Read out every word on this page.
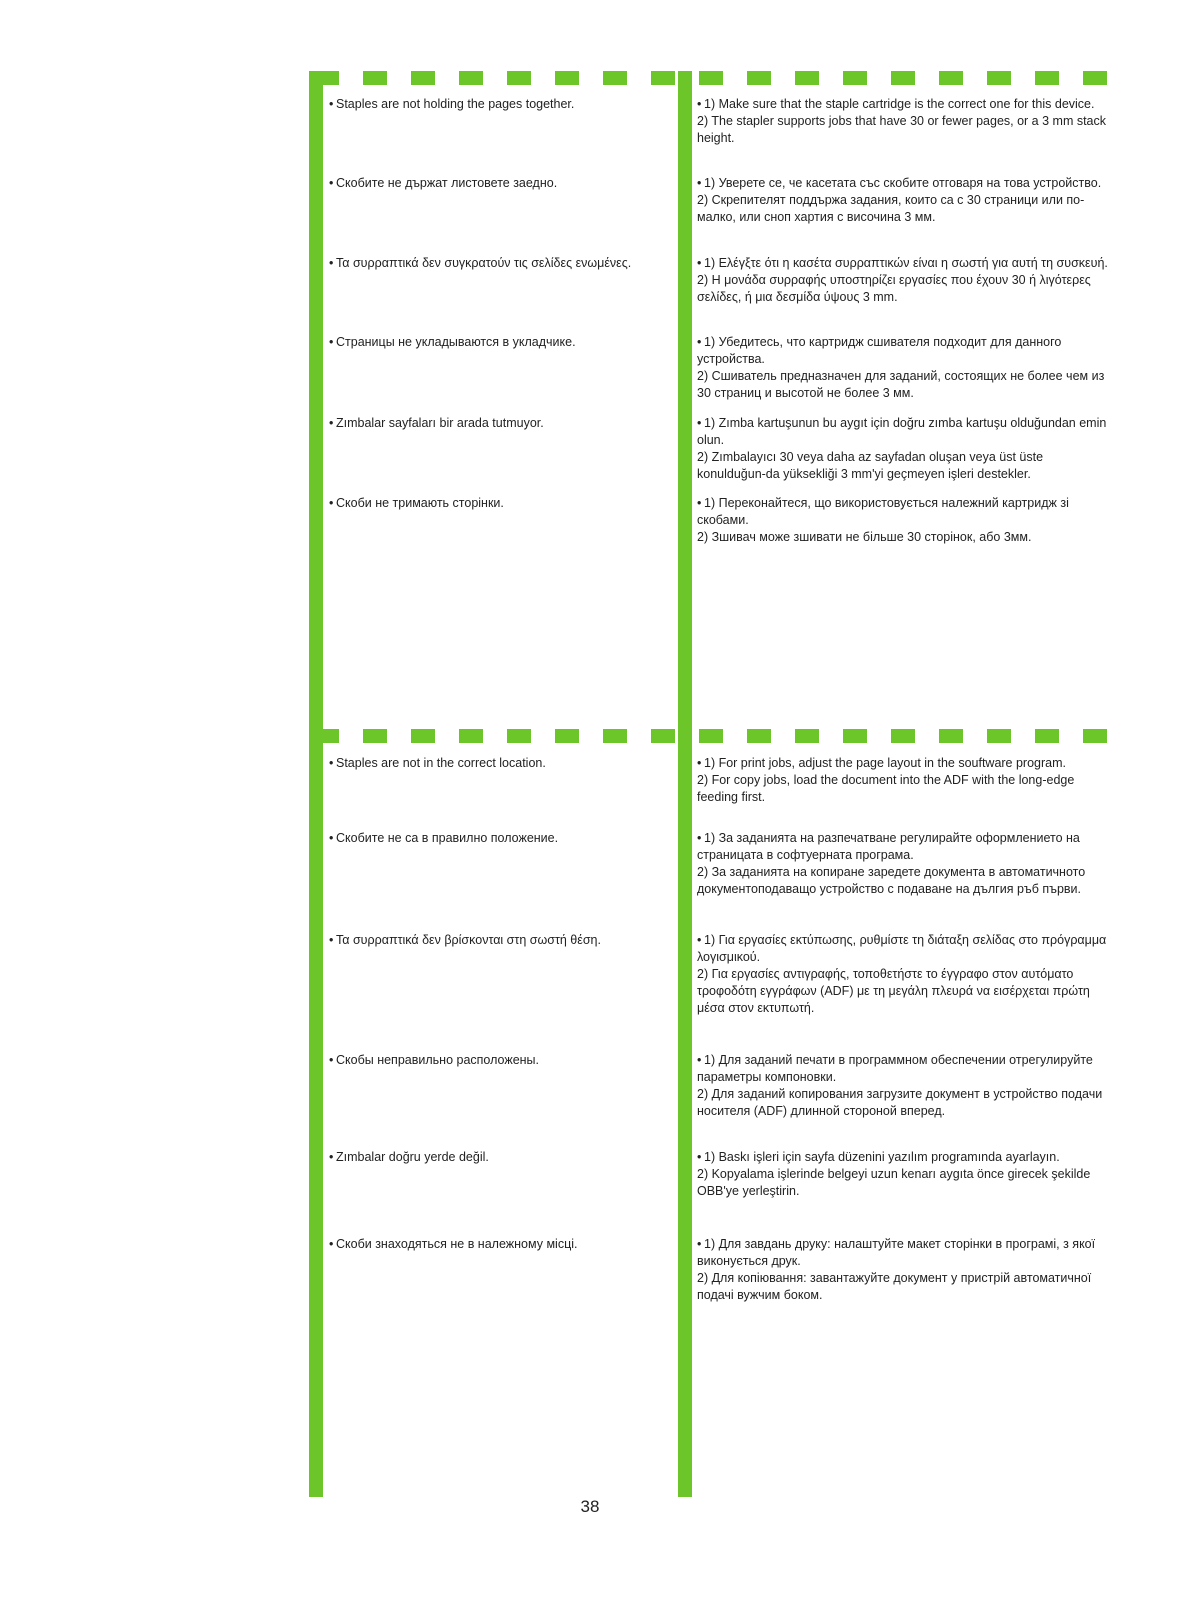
• Staples are not holding the pages together.	• 1) Make sure that the staple cartridge is the correct one for this device.
2) The stapler supports jobs that have 30 or fewer pages, or a 3 mm stack height.
• Скобите не държат листовете заедно.	• 1) Уверете се, че касетата със скобите отговаря на това устройство.
2) Скрепителят поддържа задания, които са с 30 страници или по-малко, или сноп хартия с височина 3 мм.
• Τα συρραπτικά δεν συγκρατούν τις σελίδες ενωμένες.	• 1) Ελέγξτε ότι η κασέτα συρραπτικών είναι η σωστή για αυτή τη συσκευή.
2) Η μονάδα συρραφής υποστηρίζει εργασίες που έχουν 30 ή λιγότερες σελίδες, ή μια δεσμίδα ύψους 3 mm.
• Страницы не укладываются в укладчике.	• 1) Убедитесь, что картридж сшивателя подходит для данного устройства.
2) Сшиватель предназначен для заданий, состоящих не более чем из 30 страниц и высотой не более 3 мм.
• Zımbalar sayfaları bir arada tutmuyor.	• 1) Zımba kartuşunun bu aygıt için doğru zımba kartuşu olduğundan emin olun.
2) Zımbalayıcı 30 veya daha az sayfadan oluşan veya üst üste konulduğun-da yüksekliği 3 mm'yi geçmeyen işleri destekler.
• Скоби не тримають сторінки.	• 1) Переконайтеся, що використовується належний картридж зі скобами.
2) Зшивач може зшивати не більше 30 сторінок, або 3мм.
• Staples are not in the correct location.	• 1) For print jobs, adjust the page layout in the souftware program.
2) For copy jobs, load the document into the ADF with the long-edge feeding first.
• Скобите не са в правилно положение.	• 1) За заданията на разпечатване регулирайте оформлението на страницата в софтуерната програма.
2) За заданията на копиране заредете документа в автоматичното документоподаващо устройство с подаване на дългия ръб първи.
• Τα συρραπτικά δεν βρίσκονται στη σωστή θέση.	• 1) Για εργασίες εκτύπωσης, ρυθμίστε τη διάταξη σελίδας στο πρόγραμμα λογισμικού.
2) Για εργασίες αντιγραφής, τοποθετήστε το έγγραφο στον αυτόματο τροφοδότη εγγράφων (ADF) με τη μεγάλη πλευρά να εισέρχεται πρώτη μέσα στον εκτυπωτή.
• Скобы неправильно расположены.	• 1) Для заданий печати в программном обеспечении отрегулируйте параметры компоновки.
2) Для заданий копирования загрузите документ в устройство подачи носителя (ADF) длинной стороной вперед.
• Zımbalar doğru yerde değil.	• 1) Baskı işleri için sayfa düzenini yazılım programında ayarlayın.
2) Kopyalama işlerinde belgeyi uzun kenarı aygıta önce girecek şekilde OBB'ye yerleştirin.
• Скоби знаходяться не в належному місці.	• 1) Для завдань друку: налаштуйте макет сторінки в програмі, з якої виконується друк.
2) Для копіювання: завантажуйте документ у пристрій автоматичної подачі вужчим боком.
38
